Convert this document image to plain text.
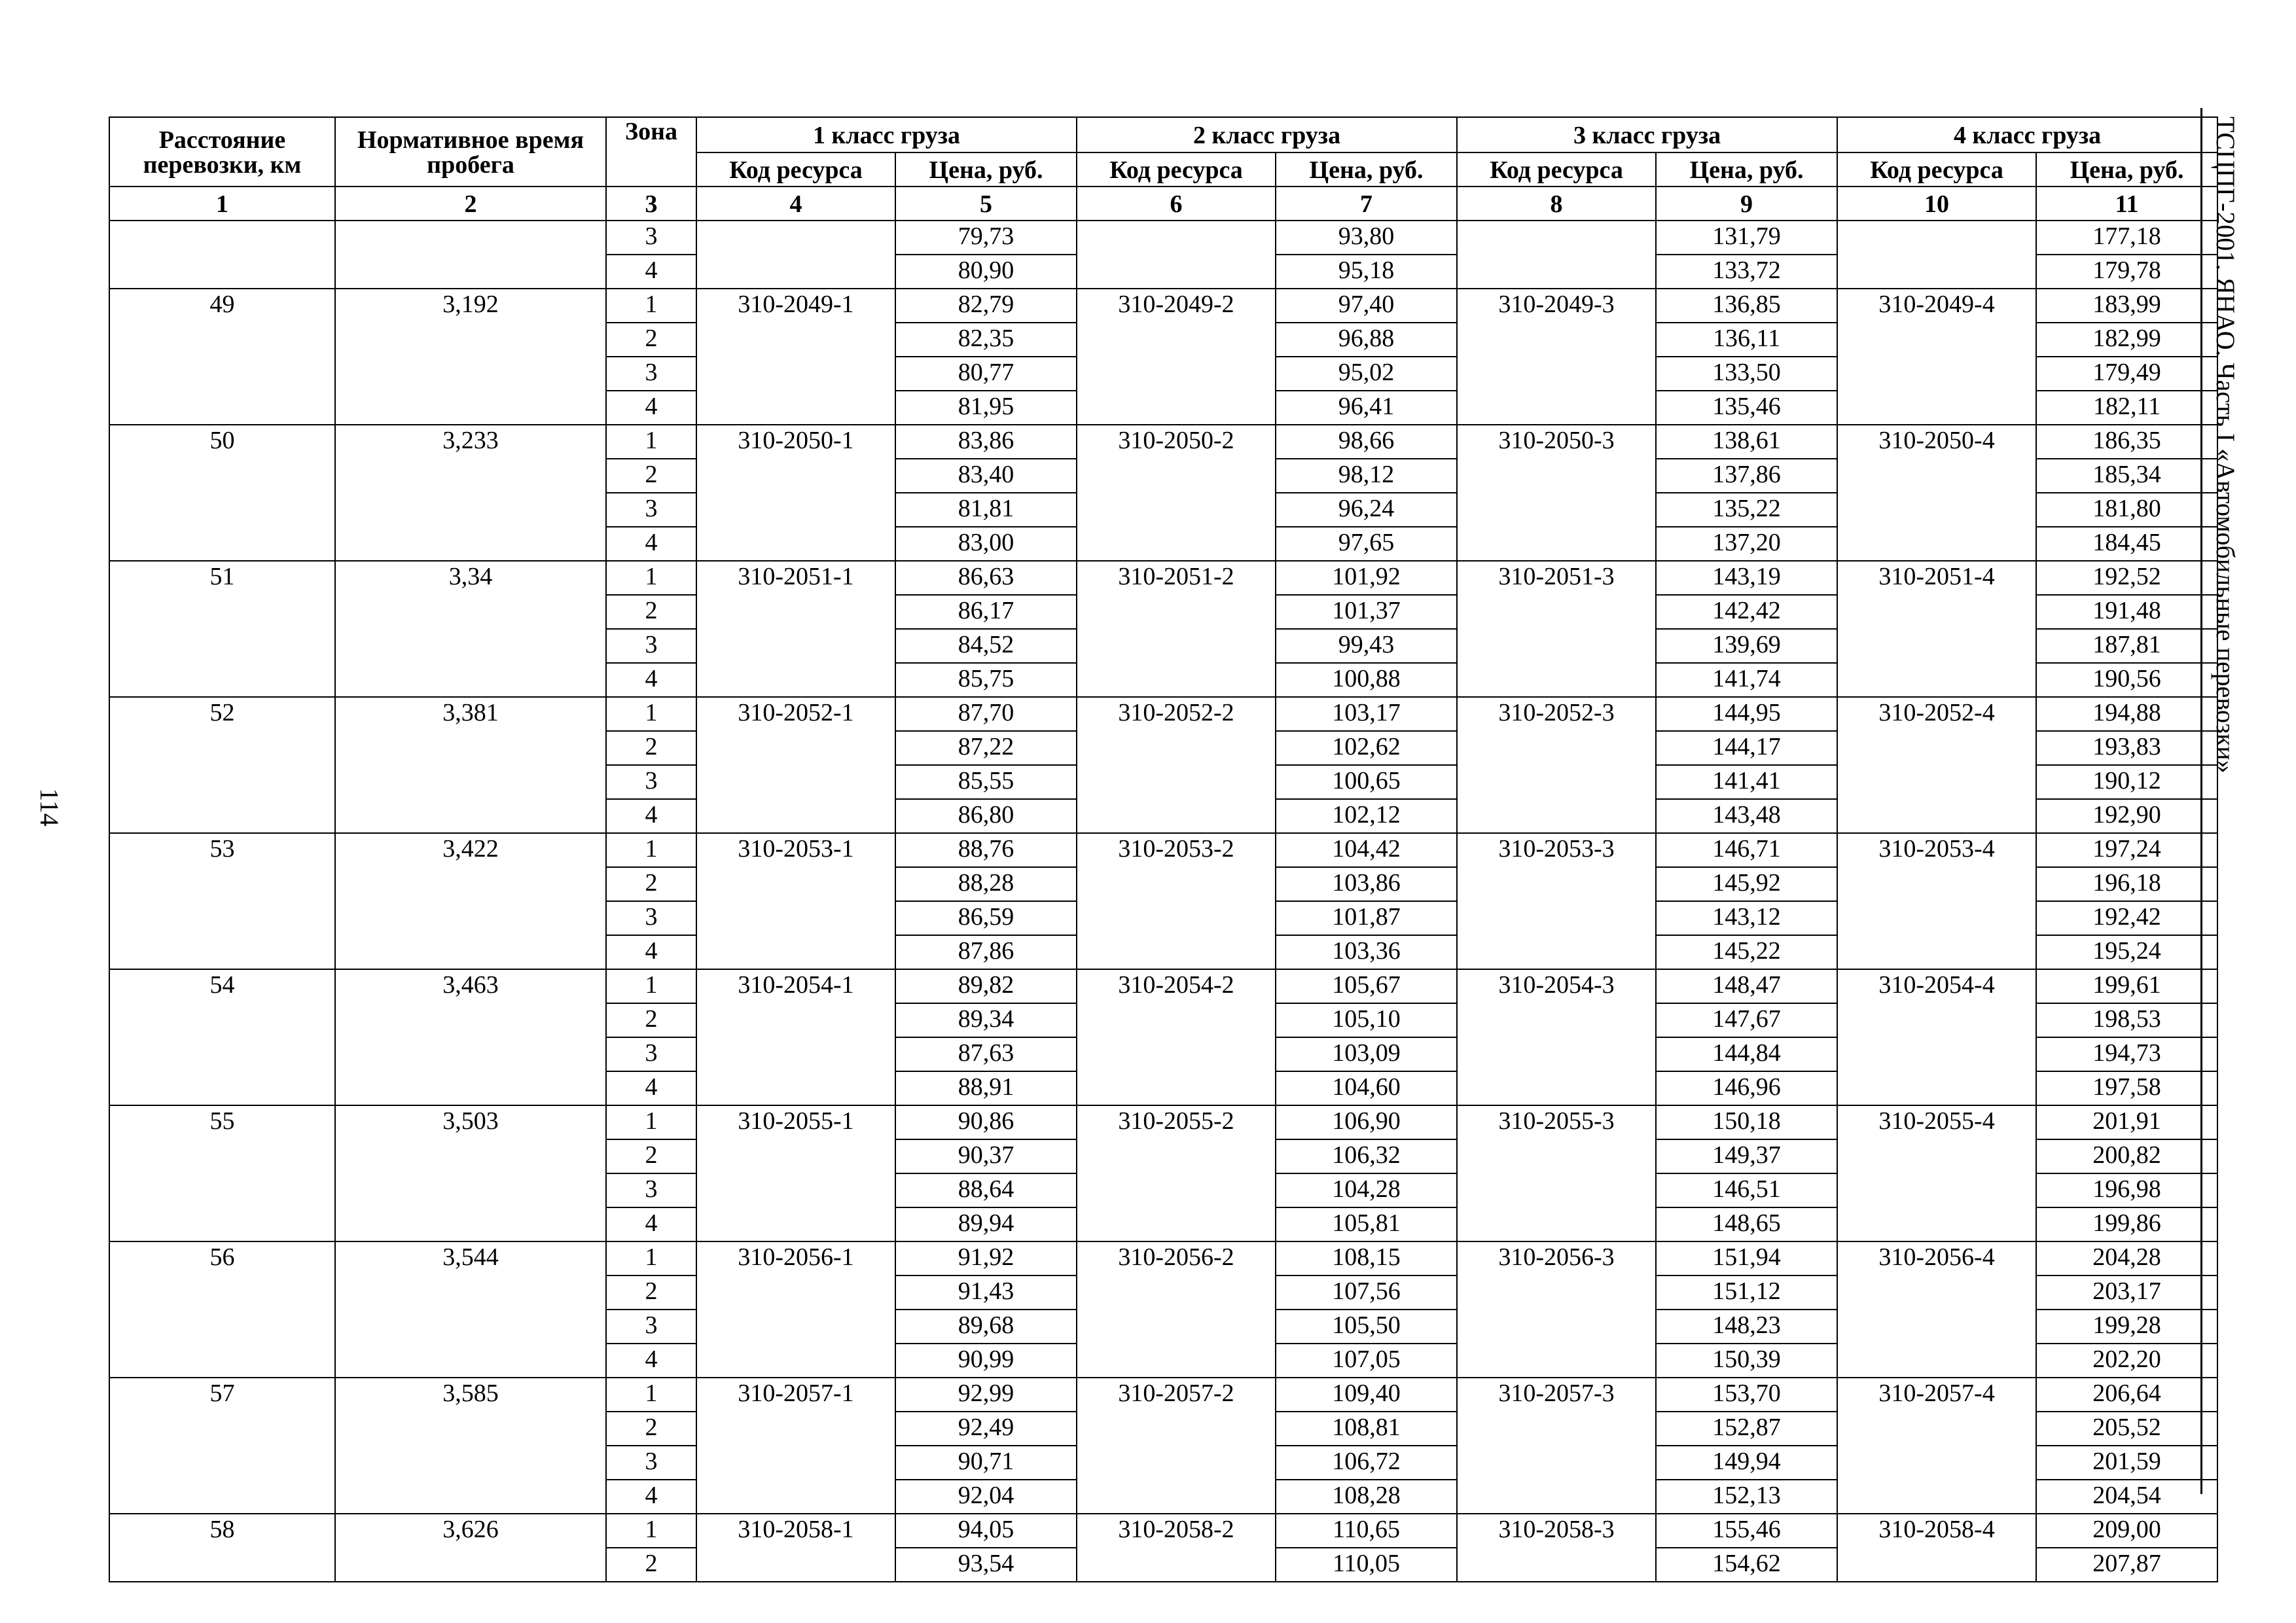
ТСЦПГ-2001. ЯНАО. Часть I «Автомобильные перевозки»
114
Расстояние перевозки, км	Нормативное время пробега	Зона	1 класс груза		2 класс груза		3 класс груза		4 класс груза	
			Код ресурса	Цена, руб.	Код ресурса	Цена, руб.	Код ресурса	Цена, руб.	Код ресурса	Цена, руб.
1	2	3	4	5	6	7	8	9	10	11
		3		79,73		93,80		131,79		177,18
		4		80,90		95,18		133,72		179,78
49	3,192	1	310-2049-1	82,79	310-2049-2	97,40	310-2049-3	136,85	310-2049-4	183,99
		2		82,35		96,88		136,11		182,99
		3		80,77		95,02		133,50		179,49
		4		81,95		96,41		135,46		182,11
50	3,233	1	310-2050-1	83,86	310-2050-2	98,66	310-2050-3	138,61	310-2050-4	186,35
		2		83,40		98,12		137,86		185,34
		3		81,81		96,24		135,22		181,80
		4		83,00		97,65		137,20		184,45
51	3,34	1	310-2051-1	86,63	310-2051-2	101,92	310-2051-3	143,19	310-2051-4	192,52
		2		86,17		101,37		142,42		191,48
		3		84,52		99,43		139,69		187,81
		4		85,75		100,88		141,74		190,56
52	3,381	1	310-2052-1	87,70	310-2052-2	103,17	310-2052-3	144,95	310-2052-4	194,88
		2		87,22		102,62		144,17		193,83
		3		85,55		100,65		141,41		190,12
		4		86,80		102,12		143,48		192,90
53	3,422	1	310-2053-1	88,76	310-2053-2	104,42	310-2053-3	146,71	310-2053-4	197,24
		2		88,28		103,86		145,92		196,18
		3		86,59		101,87		143,12		192,42
		4		87,86		103,36		145,22		195,24
54	3,463	1	310-2054-1	89,82	310-2054-2	105,67	310-2054-3	148,47	310-2054-4	199,61
		2		89,34		105,10		147,67		198,53
		3		87,63		103,09		144,84		194,73
		4		88,91		104,60		146,96		197,58
55	3,503	1	310-2055-1	90,86	310-2055-2	106,90	310-2055-3	150,18	310-2055-4	201,91
		2		90,37		106,32		149,37		200,82
		3		88,64		104,28		146,51		196,98
		4		89,94		105,81		148,65		199,86
56	3,544	1	310-2056-1	91,92	310-2056-2	108,15	310-2056-3	151,94	310-2056-4	204,28
		2		91,43		107,56		151,12		203,17
		3		89,68		105,50		148,23		199,28
		4		90,99		107,05		150,39		202,20
57	3,585	1	310-2057-1	92,99	310-2057-2	109,40	310-2057-3	153,70	310-2057-4	206,64
		2		92,49		108,81		152,87		205,52
		3		90,71		106,72		149,94		201,59
		4		92,04		108,28		152,13		204,54
58	3,626	1	310-2058-1	94,05	310-2058-2	110,65	310-2058-3	155,46	310-2058-4	209,00
		2		93,54		110,05		154,62		207,87
